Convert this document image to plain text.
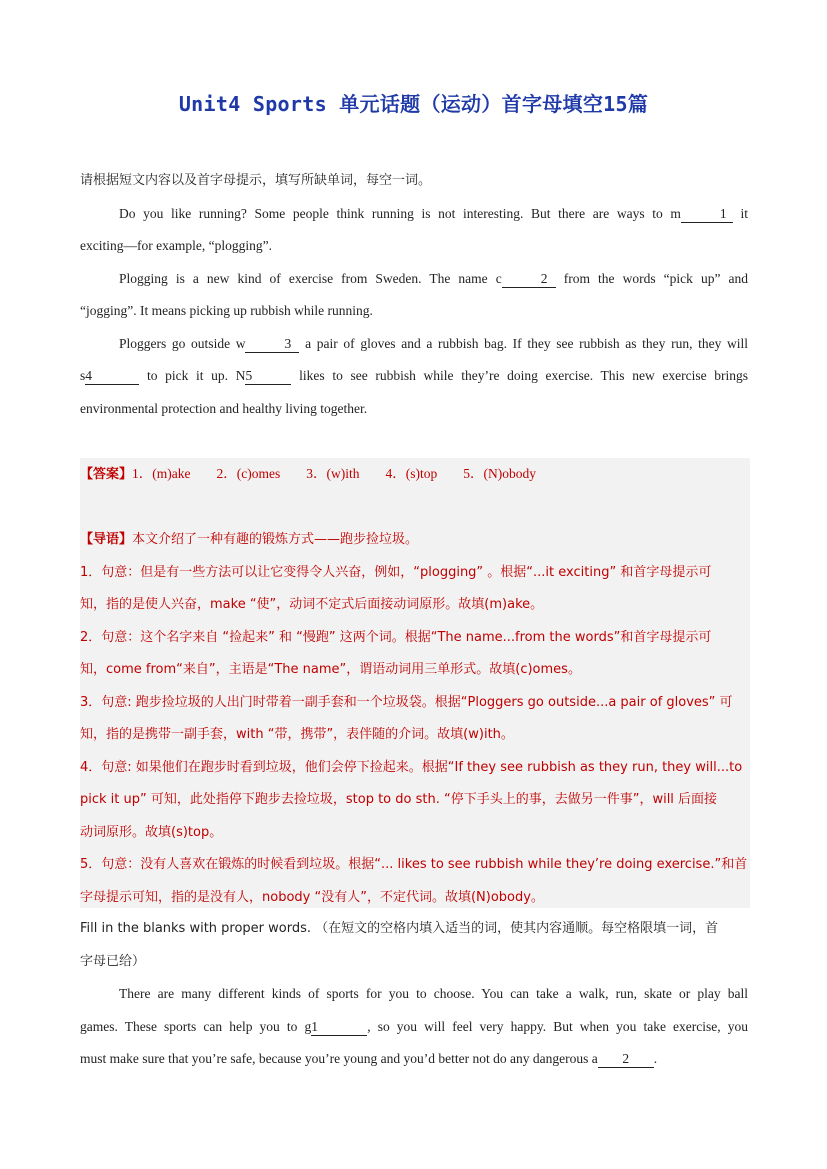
Unit4 Sports 单元话题（运动）首字母填空15篇
请根据短文内容以及首字母提示，填写所缺单词，每空一词。
Do you like running? Some people think running is not interesting. But there are ways to m	1 it
exciting—for example, “plogging”.
Plogging is a new kind of exercise from Sweden. The name c	2 from the words “pick up” and
“jogging”. It means picking up rubbish while running.
Ploggers go outside w	3 a pair of gloves and a rubbish bag. If they see rubbish as they run, they will
s4	to pick it up. N5	likes to see rubbish while they’re doing exercise. This new exercise brings
environmental protection and healthy living together.
【答案】1．(m)ake 2．(c)omes 3．(w)ith 4．(s)top 5．(N)obody

【导语】本文介绍了一种有趣的锻炼方式——跑步捡垃圾。
1．句意：但是有一些方法可以让它变得令人兴奋，例如，“plogging” 。根据“...it exciting” 和首字母提示可
知，指的是使人兴奋，make “使”，动词不定式后面接动词原形。故填(m)ake。
2．句意：这个名字来自 “捡起来” 和 “慢跑” 这两个词。根据“The name...from the words”和首字母提示可
知，come from“来自”，主语是“The name”，谓语动词用三单形式。故填(c)omes。
3．句意: 跑步捡垃圾的人出门时带着一副手套和一个垃圾袋。根据“Ploggers go outside...a pair of gloves” 可
知，指的是携带一副手套，with “带，携带”，表伴随的介词。故填(w)ith。
4．句意: 如果他们在跑步时看到垃圾，他们会停下捡起来。根据“If they see rubbish as they run, they will...to
pick it up” 可知，此处指停下跑步去捡垃圾，stop to do sth. “停下手头上的事，去做另一件事”，will 后面接
动词原形。故填(s)top。
5．句意：没有人喜欢在锻炼的时候看到垃圾。根据“... likes to see rubbish while they’re doing exercise.”和首
字母提示可知，指的是没有人，nobody “没有人”，不定代词。故填(N)obody。
Fill in the blanks with proper words. （在短文的空格内填入适当的词，使其内容通顺。每空格限填一词，首
字母已给）
There are many different kinds of sports for you to choose. You can take a walk, run, skate or play ball
games. These sports can help you to g1	, so you will feel very happy. But when you take exercise, you
must make sure that you’re safe, because you’re young and you’d better not do any dangerous a 2 .
